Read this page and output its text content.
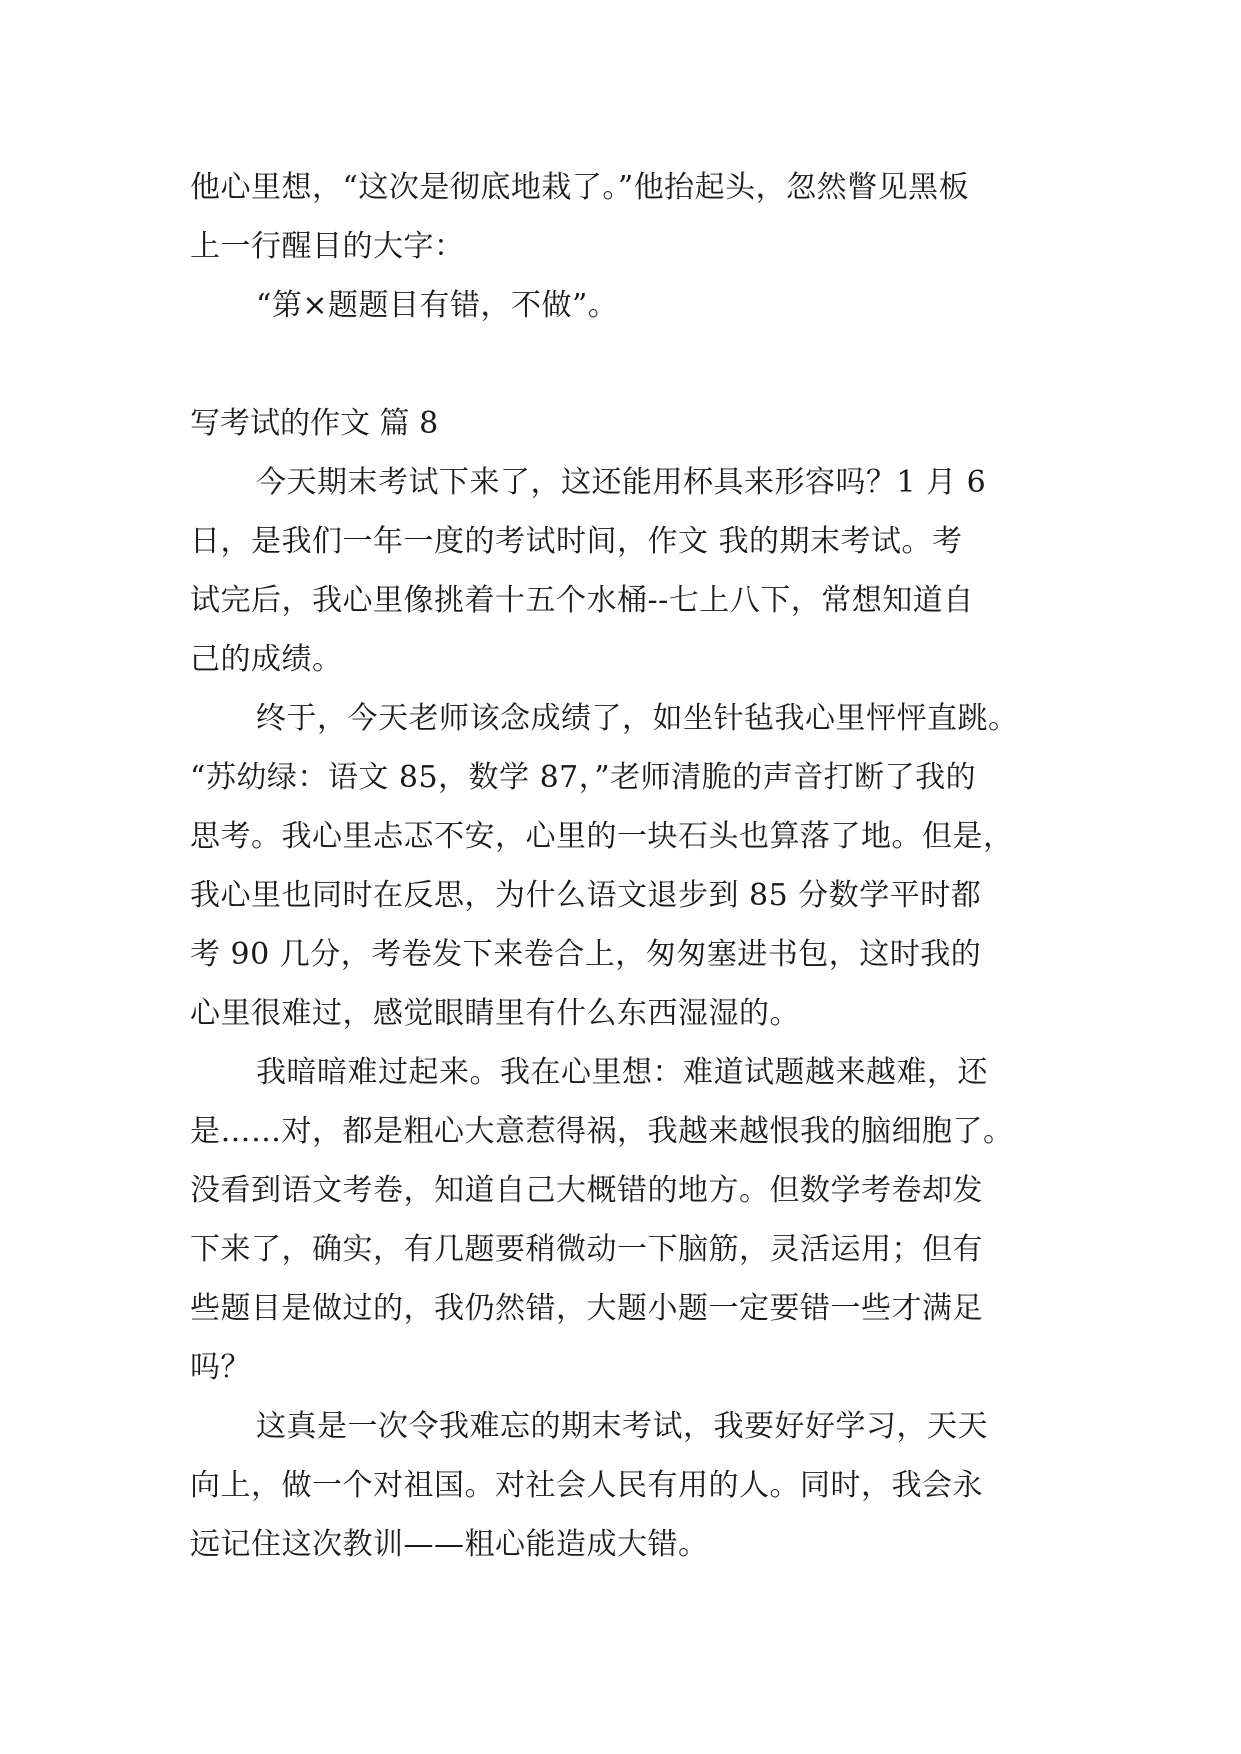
他心里想，“这次是彻底地栽了。”他抬起头，忽然瞥见黑板
上一行醒目的大字：
“第×题题目有错，不做”。
写考试的作文 篇 8
今天期末考试下来了，这还能用杯具来形容吗？1 月 6
日，是我们一年一度的考试时间，作文 我的期末考试。考
试完后，我心里像挑着十五个水桶--七上八下，常想知道自
己的成绩。
终于，今天老师该念成绩了，如坐针毡我心里怦怦直跳。
“苏幼绿：语文 85，数学 87，”老师清脆的声音打断了我的
思考。我心里忐忑不安，心里的一块石头也算落了地。但是，
我心里也同时在反思，为什么语文退步到 85 分数学平时都
考 90 几分，考卷发下来卷合上，匆匆塞进书包，这时我的
心里很难过，感觉眼睛里有什么东西湿湿的。
我暗暗难过起来。我在心里想：难道试题越来越难，还
是……对，都是粗心大意惹得祸，我越来越恨我的脑细胞了。
没看到语文考卷，知道自己大概错的地方。但数学考卷却发
下来了，确实，有几题要稍微动一下脑筋，灵活运用；但有
些题目是做过的，我仍然错，大题小题一定要错一些才满足
吗？
这真是一次令我难忘的期末考试，我要好好学习，天天
向上，做一个对祖国。对社会人民有用的人。同时，我会永
远记住这次教训——粗心能造成大错。
